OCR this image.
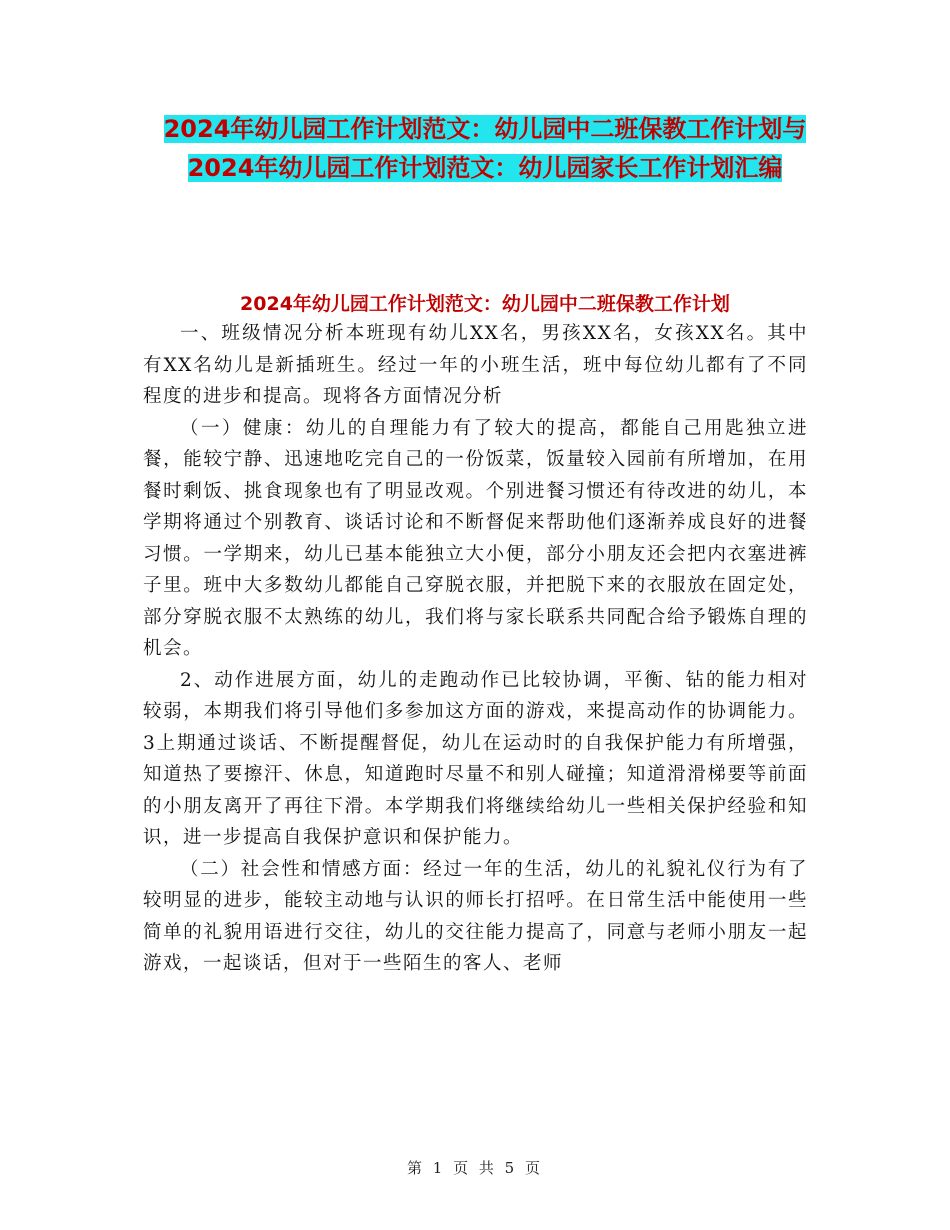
2024年幼儿园工作计划范文：幼儿园中二班保教工作计划与2024年幼儿园工作计划范文：幼儿园家长工作计划汇编
2024年幼儿园工作计划范文：幼儿园中二班保教工作计划

一、班级情况分析本班现有幼儿XX名，男孩XX名，女孩XX名。其中有XX名幼儿是新插班生。经过一年的小班生活，班中每位幼儿都有了不同程度的进步和提高。现将各方面情况分析

（一）健康：幼儿的自理能力有了较大的提高，都能自己用匙独立进餐，能较宁静、迅速地吃完自己的一份饭菜，饭量较入园前有所增加，在用餐时剩饭、挑食现象也有了明显改观。个别进餐习惯还有待改进的幼儿，本学期将通过个别教育、谈话讨论和不断督促来帮助他们逐渐养成良好的进餐习惯。一学期来，幼儿已基本能独立大小便，部分小朋友还会把内衣塞进裤子里。班中大多数幼儿都能自己穿脱衣服，并把脱下来的衣服放在固定处，部分穿脱衣服不太熟练的幼儿，我们将与家长联系共同配合给予锻炼自理的机会。

2、动作进展方面，幼儿的走跑动作已比较协调，平衡、钻的能力相对较弱，本期我们将引导他们多参加这方面的游戏，来提高动作的协调能力。3上期通过谈话、不断提醒督促，幼儿在运动时的自我保护能力有所增强，知道热了要擦汗、休息，知道跑时尽量不和别人碰撞；知道滑滑梯要等前面的小朋友离开了再往下滑。本学期我们将继续给幼儿一些相关保护经验和知识，进一步提高自我保护意识和保护能力。

（二）社会性和情感方面：经过一年的生活，幼儿的礼貌礼仪行为有了较明显的进步，能较主动地与认识的师长打招呼。在日常生活中能使用一些简单的礼貌用语进行交往，幼儿的交往能力提高了，同意与老师小朋友一起游戏，一起谈话，但对于一些陌生的客人、老师

第 1 页 共 5 页
